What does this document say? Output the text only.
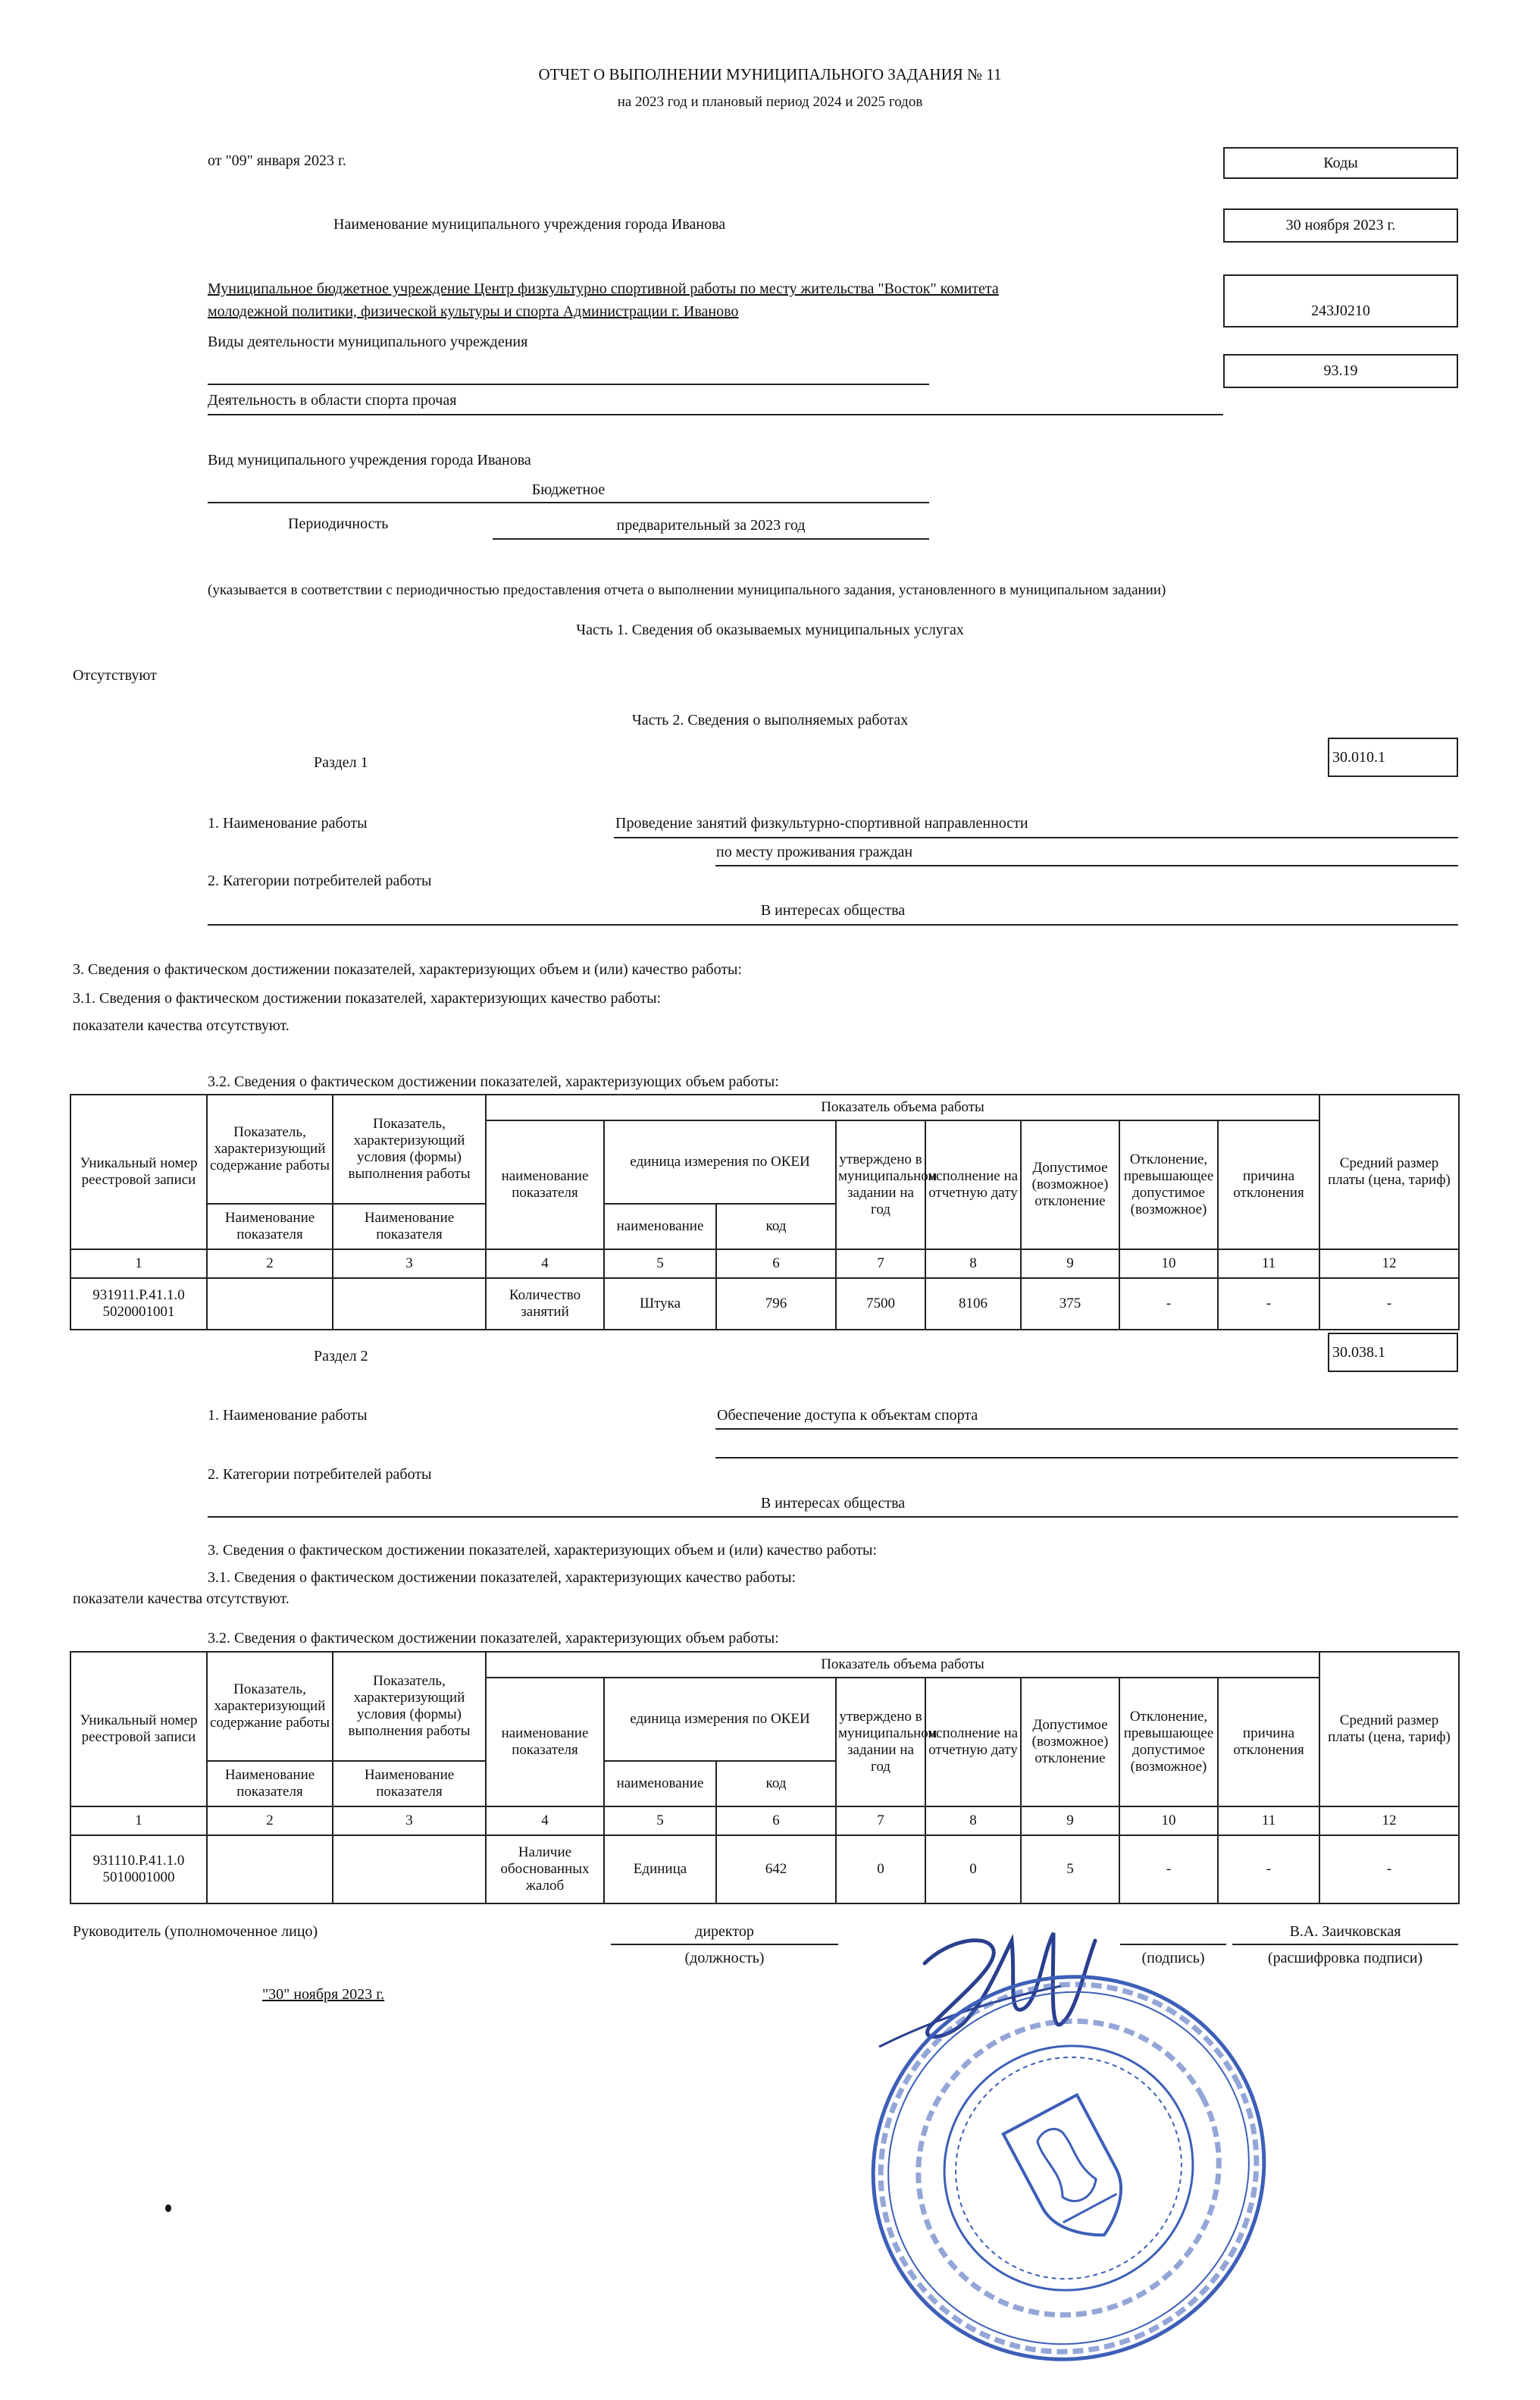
ОТЧЕТ О ВЫПОЛНЕНИИ МУНИЦИПАЛЬНОГО ЗАДАНИЯ № 11
на 2023 год и плановый период 2024 и 2025 годов
от "09" января 2023 г.	Коды
30 ноября 2023 г.
243J0210
93.19
Наименование муниципального учреждения города Иванова
Муниципальное бюджетное учреждение Центр физкультурно спортивной работы по месту жительства "Восток" комитета
молодежной политики, физической культуры и спорта Администрации г. Иваново
Виды деятельности муниципального учреждения
Деятельность в области спорта прочая
Вид муниципального учреждения города Иванова
Бюджетное
Периодичность	предварительный за 2023 год
(указывается в соответствии с периодичностью предоставления отчета о выполнении муниципального задания, установленного в муниципальном задании)
Часть 1. Сведения об оказываемых муниципальных услугах
Отсутствуют
Часть 2. Сведения о выполняемых работах
Раздел 1	30.010.1
1. Наименование работы	Проведение занятий физкультурно-спортивной направленности
по месту проживания граждан
2. Категории потребителей работы
В интересах общества
3. Сведения о фактическом достижении показателей, характеризующих объем и (или) качество работы:
3.1. Сведения о фактическом достижении показателей, характеризующих качество работы:
показатели качества отсутствуют.
3.2. Сведения о фактическом достижении показателей, характеризующих объем работы:
Уникальный номер реестровой записи	Показатель, характеризующий содержание работы	Показатель, характеризующий условия (формы) выполнения работы	Показатель объема работы								Средний размер платы (цена, тариф)
			наименование показателя	единица измерения по ОКЕИ		утверждено в муниципальном задании на год	исполнение на отчетную дату	Допустимое (возможное) отклонение	Отклонение, превышающее допустимое (возможное)	причина отклонения	
	Наименование показателя	Наименование показателя		наименование	код						
1	2	3	4	5	6	7	8	9	10	11	12
931911.Р.41.1.0
5020001001			Количество занятий	Штука	796	7500	8106	375	-	-	-
Раздел 2	30.038.1
1. Наименование работы	Обеспечение доступа к объектам спорта
2. Категории потребителей работы
В интересах общества
3. Сведения о фактическом достижении показателей, характеризующих объем и (или) качество работы:
3.1. Сведения о фактическом достижении показателей, характеризующих качество работы:
показатели качества отсутствуют.
3.2. Сведения о фактическом достижении показателей, характеризующих объем работы:
Уникальный номер реестровой записи	Показатель, характеризующий содержание работы	Показатель, характеризующий условия (формы) выполнения работы	Показатель объема работы								Средний размер платы (цена, тариф)
			наименование показателя	единица измерения по ОКЕИ		утверждено в муниципальном задании на год	исполнение на отчетную дату	Допустимое (возможное) отклонение	Отклонение, превышающее допустимое (возможное)	причина отклонения	
	Наименование показателя	Наименование показателя		наименование	код						
1	2	3	4	5	6	7	8	9	10	11	12
931110.Р.41.1.0
5010001000			Наличие обоснованных жалоб	Единица	642	0	0	5	-	-	-
Руководитель (уполномоченное лицо)	директор
(должность)	(подпись)
В.А. Заичковская
(расшифровка подписи)
"30" ноября 2023 г.
